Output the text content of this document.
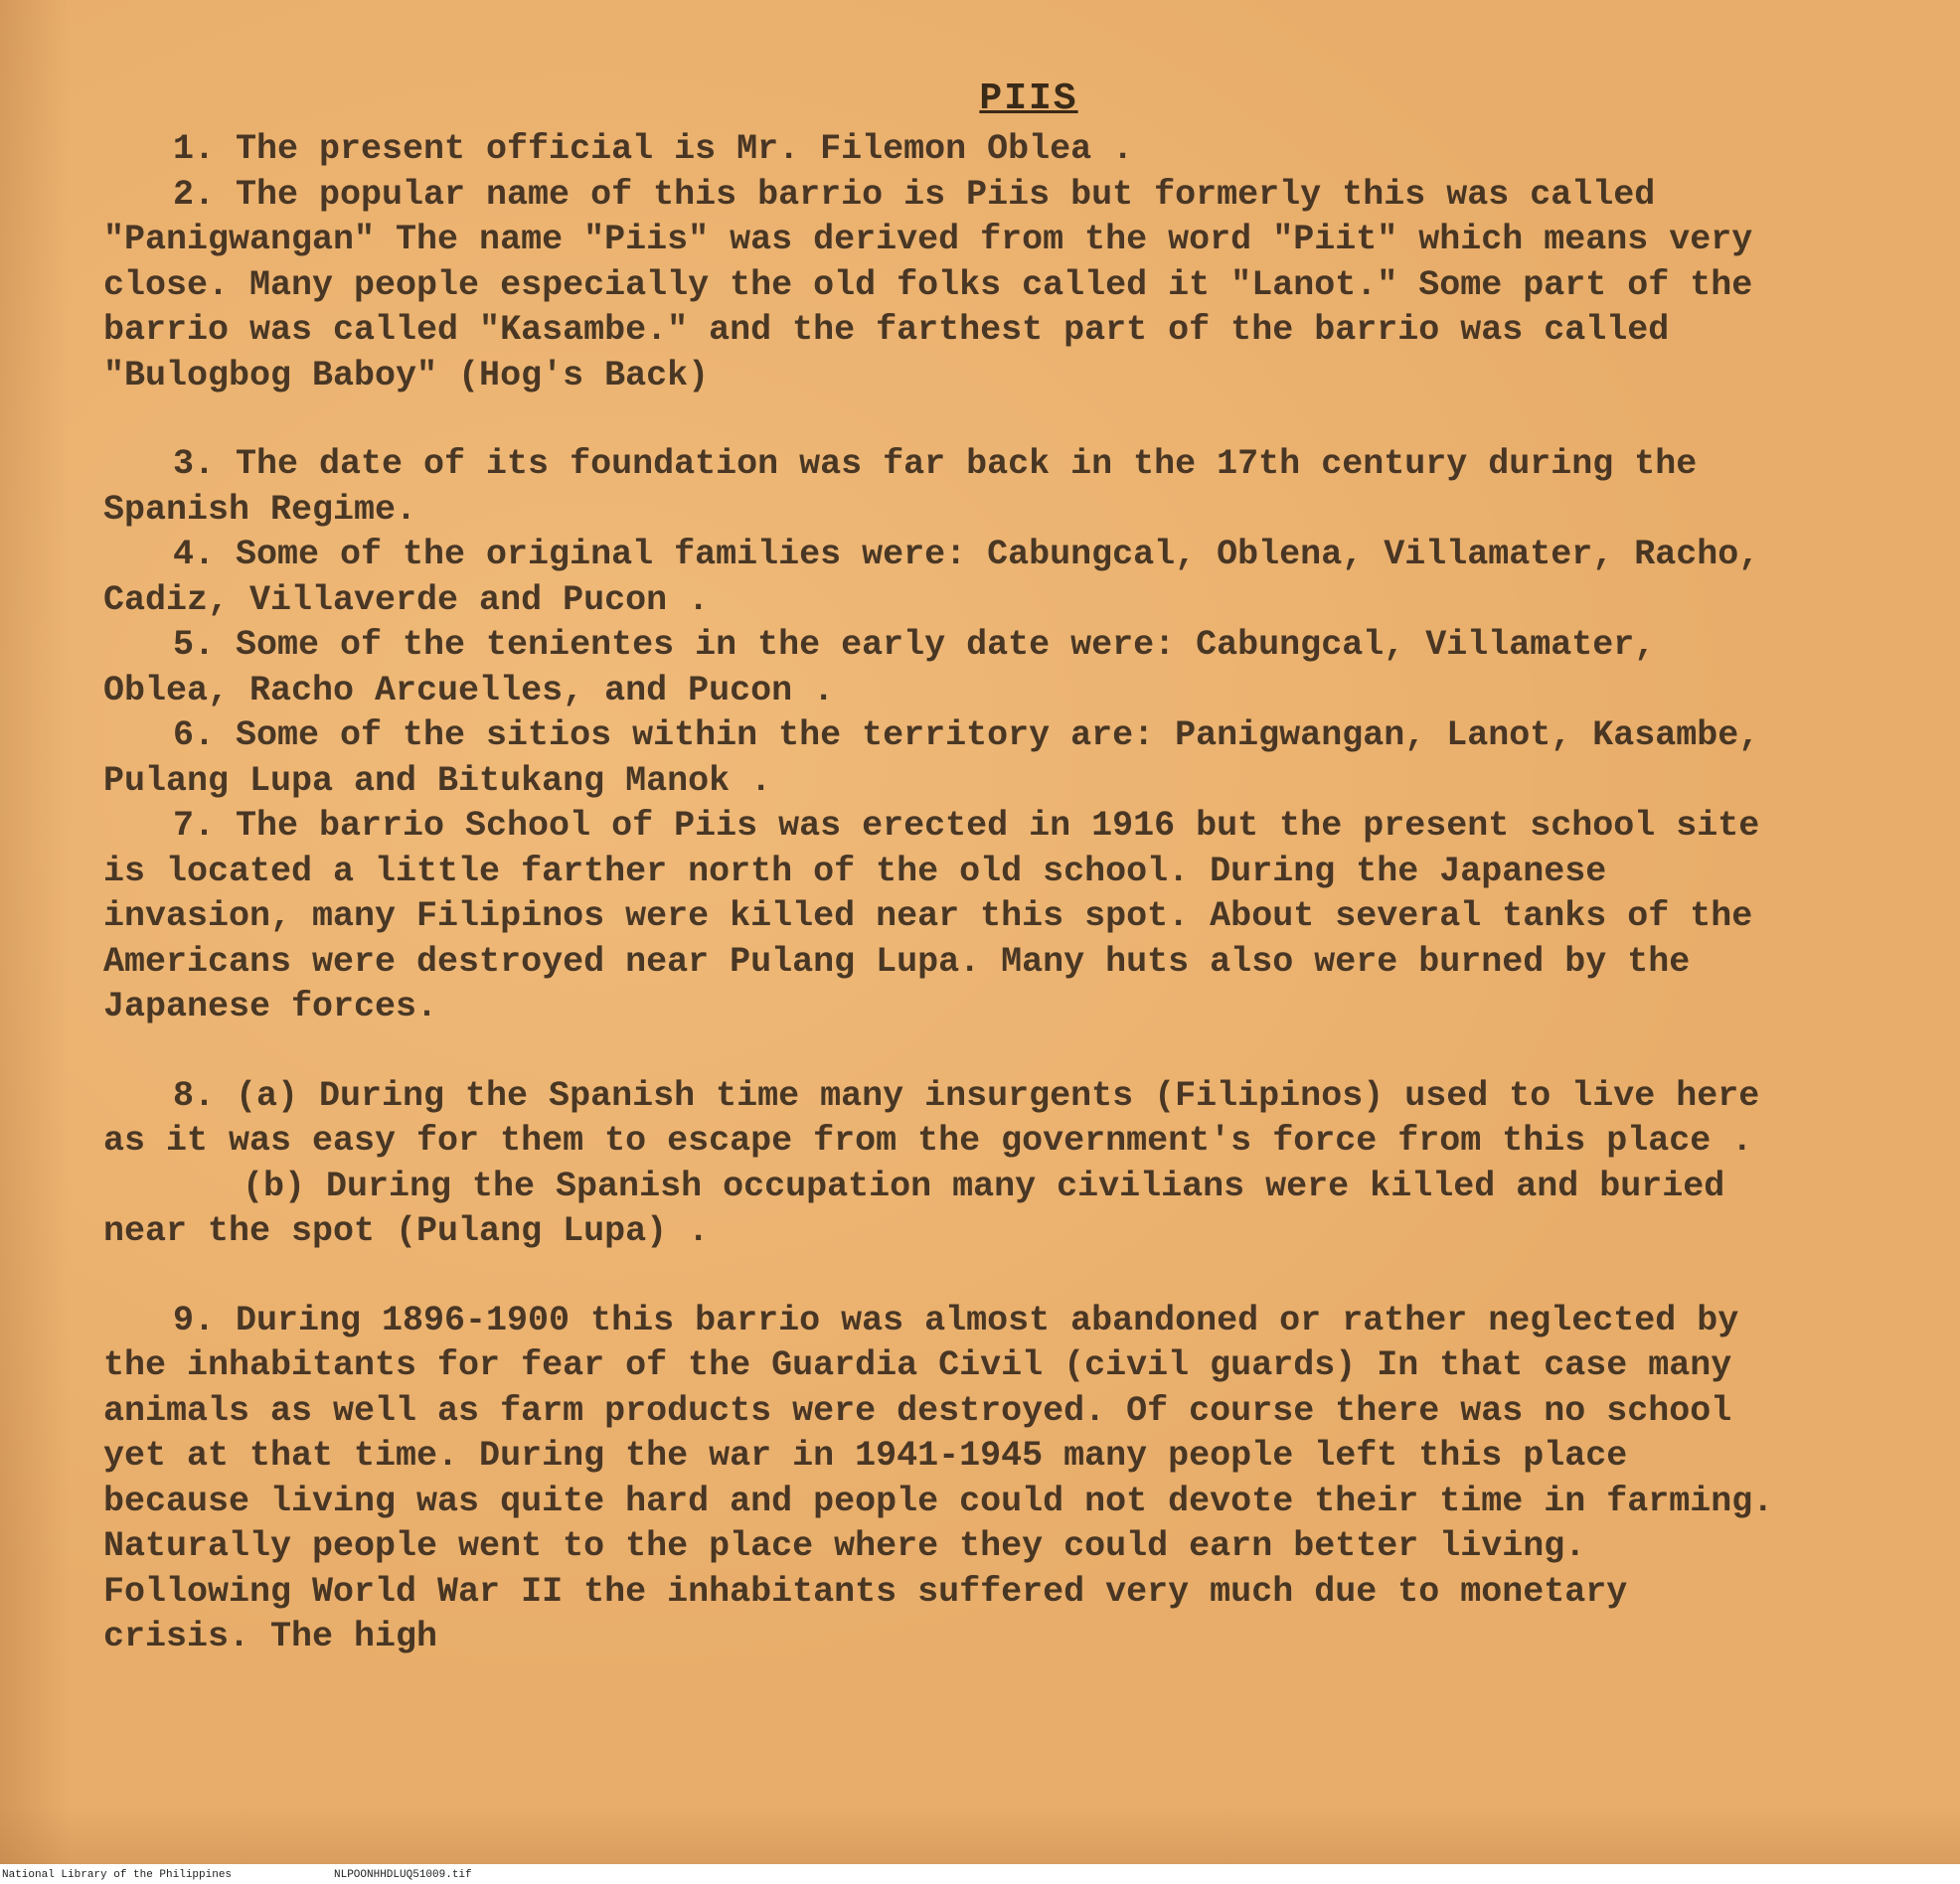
PIIS

1. The present official is Mr. Filemon Oblea .

2. The popular name of this barrio is Piis but formerly this was called "Panigwangan" The name "Piis" was derived from the word "Piit" which means very close. Many people especially the old folks called it "Lanot." Some part of the barrio was called "Kasambe." and the farthest part of the barrio was called "Bulogbog Baboy" (Hog's Back)

3. The date of its foundation was far back in the 17th century during the Spanish Regime.

4. Some of the original families were: Cabungcal, Oblena, Villamater, Racho, Cadiz, Villaverde and Pucon .

5. Some of the tenientes in the early date were: Cabungcal, Villamater, Oblea, Racho Arcuelles, and Pucon .

6. Some of the sitios within the territory are: Panigwangan, Lanot, Kasambe, Pulang Lupa and Bitukang Manok .

7. The barrio School of Piis was erected in 1916 but the present school site is located a little farther north of the old school. During the Japanese invasion, many Filipinos were killed near this spot. About several tanks of the Americans were destroyed near Pulang Lupa. Many huts also were burned by the Japanese forces.

8. (a) During the Spanish time many insurgents (Filipinos) used to live here as it was easy for them to escape from the government's force from this place .

(b) During the Spanish occupation many civilians were killed and buried near the spot (Pulang Lupa) .

9. During 1896-1900 this barrio was almost abandoned or rather neglected by the inhabitants for fear of the Guardia Civil (civil guards) In that case many animals as well as farm products were destroyed. Of course there was no school yet at that time. During the war in 1941-1945 many people left this place because living was quite hard and people could not devote their time in farming. Naturally people went to the place where they could earn better living. Following World War II the inhabitants suffered very much due to monetary crisis. The high

National Library of the Philippines	NLPOONHHDLUQ51009.tif
